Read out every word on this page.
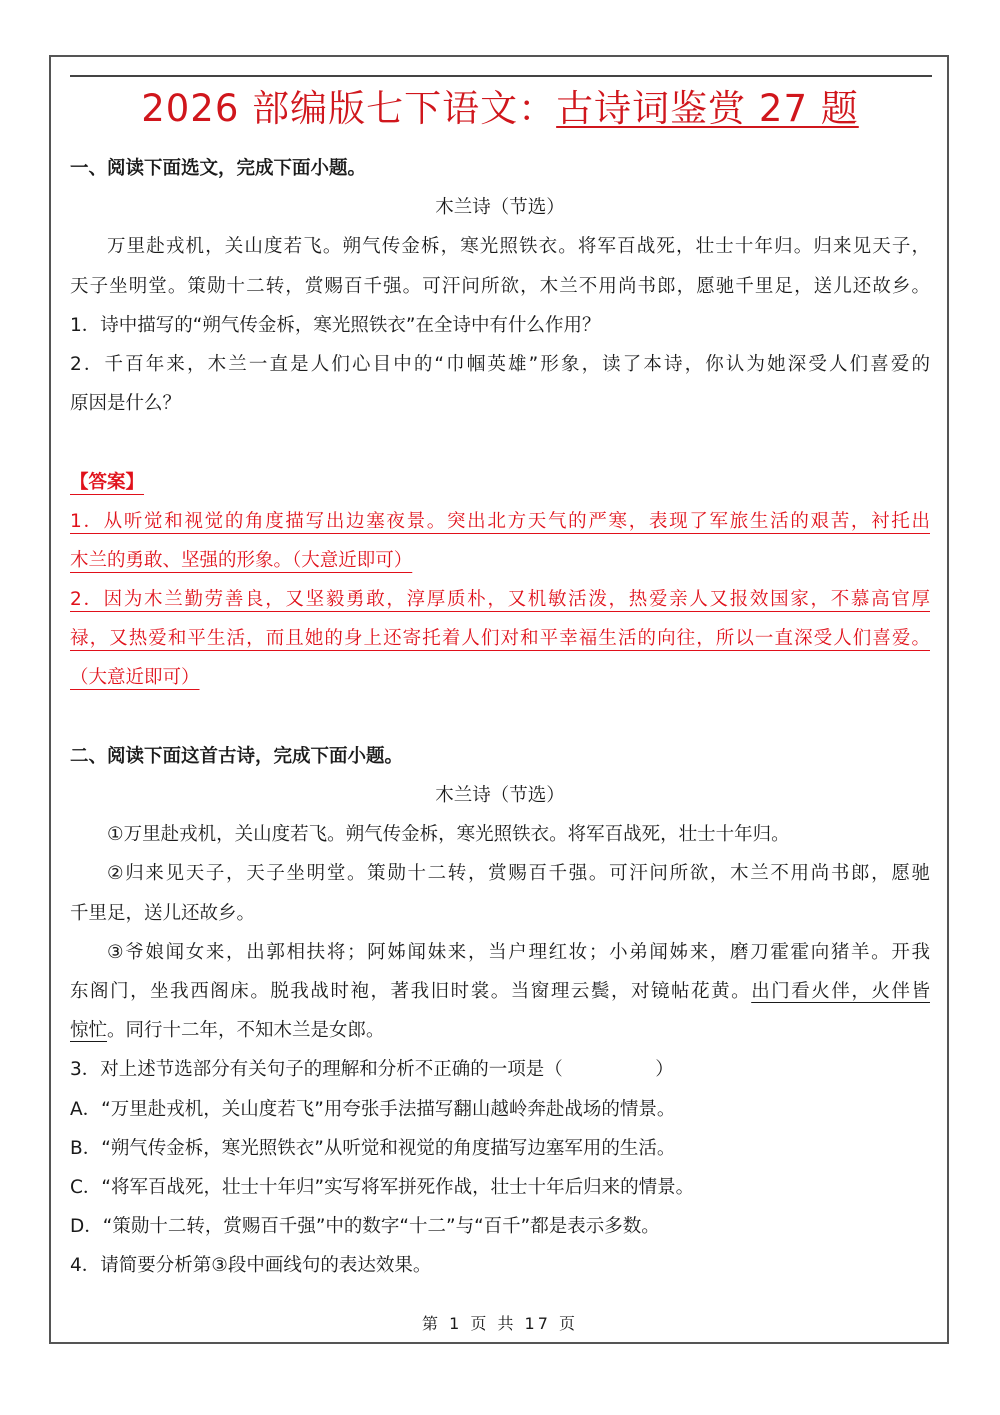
2026 部编版七下语文：古诗词鉴赏 27 题
一、阅读下面选文，完成下面小题。
木兰诗（节选）
万里赴戎机，关山度若飞。朔气传金柝，寒光照铁衣。将军百战死，壮士十年归。归来见天子，
天子坐明堂。策勋十二转，赏赐百千强。可汗问所欲，木兰不用尚书郎，愿驰千里足，送儿还故乡。
1．诗中描写的“朔气传金柝，寒光照铁衣”在全诗中有什么作用？
2．千百年来，木兰一直是人们心目中的“巾帼英雄”形象，读了本诗，你认为她深受人们喜爱的
原因是什么？
【答案】
1．从听觉和视觉的角度描写出边塞夜景。突出北方天气的严寒，表现了军旅生活的艰苦，衬托出
木兰的勇敢、坚强的形象。（大意近即可）
2．因为木兰勤劳善良，又坚毅勇敢，淳厚质朴，又机敏活泼，热爱亲人又报效国家，不慕高官厚
禄，又热爱和平生活，而且她的身上还寄托着人们对和平幸福生活的向往，所以一直深受人们喜爱。
（大意近即可）
二、阅读下面这首古诗，完成下面小题。
木兰诗（节选）
①万里赴戎机，关山度若飞。朔气传金柝，寒光照铁衣。将军百战死，壮士十年归。
②归来见天子，天子坐明堂。策勋十二转，赏赐百千强。可汗问所欲，木兰不用尚书郎，愿驰
千里足，送儿还故乡。
③爷娘闻女来，出郭相扶将；阿姊闻妹来，当户理红妆；小弟闻姊来，磨刀霍霍向猪羊。开我
东阁门，坐我西阁床。脱我战时袍，著我旧时裳。当窗理云鬓，对镜帖花黄。出门看火伴，火伴皆
惊忙。同行十二年，不知木兰是女郎。
3．对上述节选部分有关句子的理解和分析不正确的一项是（　　　　　）
A．“万里赴戎机，关山度若飞”用夸张手法描写翻山越岭奔赴战场的情景。
B．“朔气传金柝，寒光照铁衣”从听觉和视觉的角度描写边塞军用的生活。
C．“将军百战死，壮士十年归”实写将军拼死作战，壮士十年后归来的情景。
D．“策勋十二转，赏赐百千强”中的数字“十二”与“百千”都是表示多数。
4．请简要分析第③段中画线句的表达效果。
第 1 页 共 17 页
